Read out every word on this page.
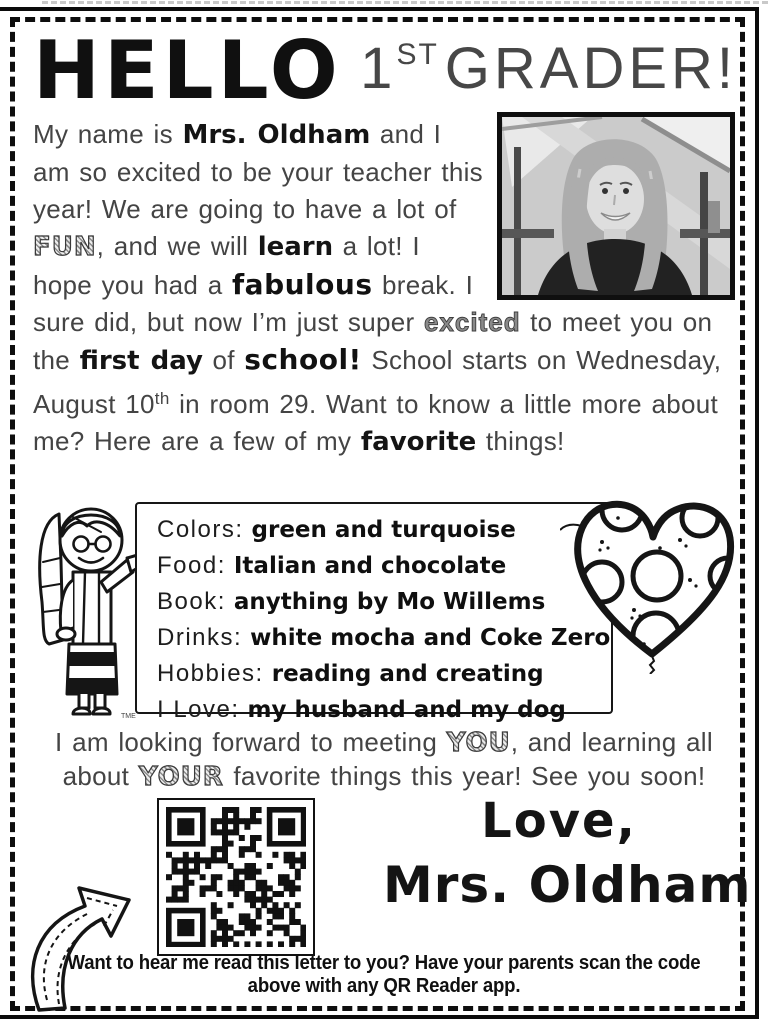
HELLO HELLO 1ST GRADER!

My name is Mrs. Oldham and I am so excited to be your teacher this year! We are going to have a lot of FUN, and we will learn a lot! I hope you had a fabulous break. I sure did, but now I’m just super excited to meet you on the first day of school! School starts on Wednesday, August 10th in room 29. Want to know a little more about me? Here are a few of my favorite things!

TME
Colors: green and turquoise
Food: Italian and chocolate
Book: anything by Mo Willems
Drinks: white mocha and Coke Zero
Hobbies: reading and creating
I Love: my husband and my dog

I am looking forward to meeting YOU, and learning all about YOUR favorite things this year! See you soon!

Love,
Mrs. Oldham
Want to hear me read this letter to you? Have your parents scan the code
above with any QR Reader app.
